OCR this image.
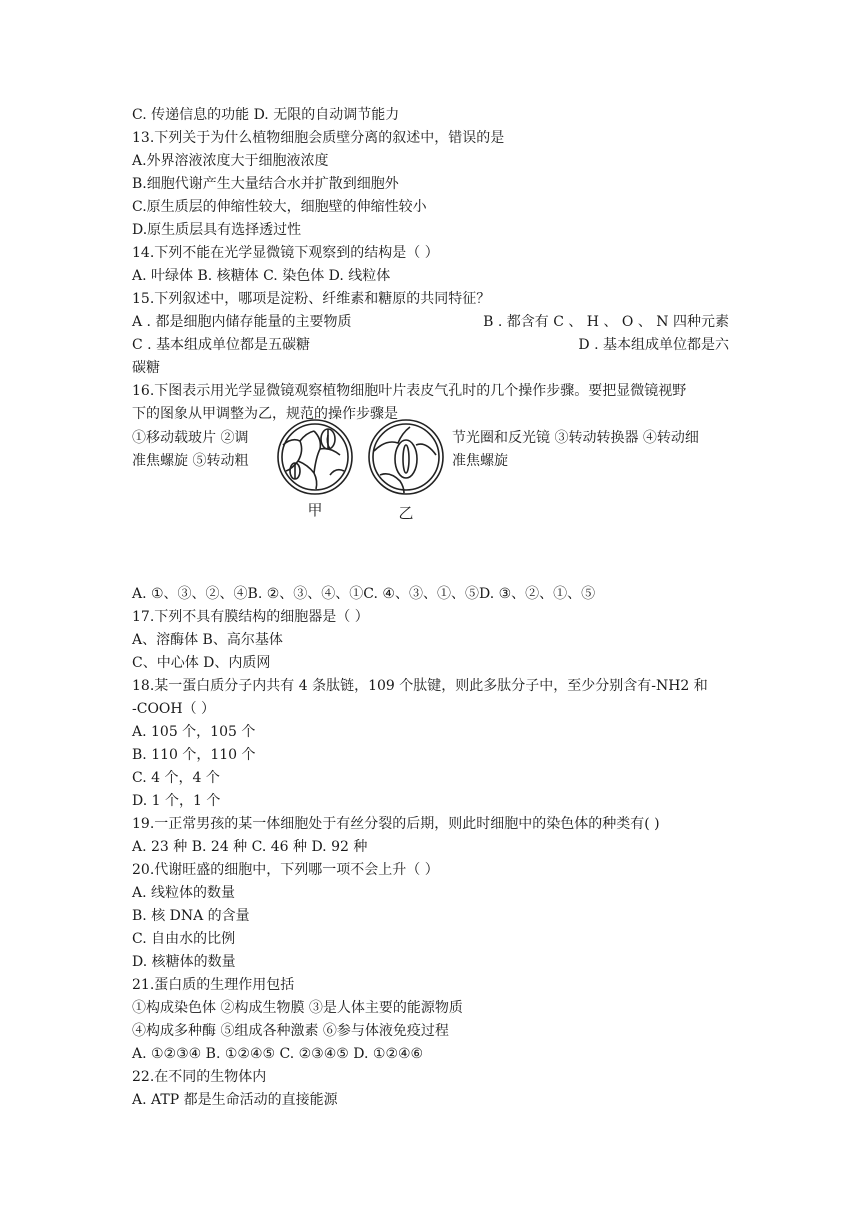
C. 传递信息的功能 D. 无限的自动调节能力

13.下列关于为什么植物细胞会质壁分离的叙述中，错误的是

A.外界溶液浓度大于细胞液浓度

B.细胞代谢产生大量结合水并扩散到细胞外

C.原生质层的伸缩性较大，细胞壁的伸缩性较小

D.原生质层具有选择透过性

14.下列不能在光学显微镜下观察到的结构是（ ）

A. 叶绿体 B. 核糖体 C. 染色体 D. 线粒体

15.下列叙述中，哪项是淀粉、纤维素和糖原的共同特征？

A . 都是细胞内储存能量的主要物质	B . 都含有 C 、 H 、 O 、 N 四种元素
C . 基本组成单位都是五碳糖	D . 基本组成单位都是六

碳糖

16.下图表示用光学显微镜观察植物细胞叶片表皮气孔时的几个操作步骤。要把显微镜视野

下的图象从甲调整为乙，规范的操作步骤是

①移动载玻片 ②调
准焦螺旋 ⑤转动粗
节光圈和反光镜 ③转动转换器 ④转动细
准焦螺旋
甲	乙

A. ①、③、②、④B. ②、③、④、①C. ④、③、①、⑤D. ③、②、①、⑤

17.下列不具有膜结构的细胞器是（ ）

A、溶酶体 B、高尔基体

C、中心体 D、内质网

18.某一蛋白质分子内共有 4 条肽链，109 个肽键，则此多肽分子中，至少分别含有-NH2 和

-COOH（ ）

A. 105 个，105 个

B. 110 个，110 个

C. 4 个，4 个

D. 1 个，1 个

19.一正常男孩的某一体细胞处于有丝分裂的后期，则此时细胞中的染色体的种类有( )

A. 23 种 B. 24 种 C. 46 种 D. 92 种

20.代谢旺盛的细胞中，下列哪一项不会上升（ ）

A. 线粒体的数量

B. 核 DNA 的含量

C. 自由水的比例

D. 核糖体的数量

21.蛋白质的生理作用包括

①构成染色体 ②构成生物膜 ③是人体主要的能源物质

④构成多种酶 ⑤组成各种激素 ⑥参与体液免疫过程

A. ①②③④ B. ①②④⑤ C. ②③④⑤ D. ①②④⑥

22.在不同的生物体内

A. ATP 都是生命活动的直接能源
